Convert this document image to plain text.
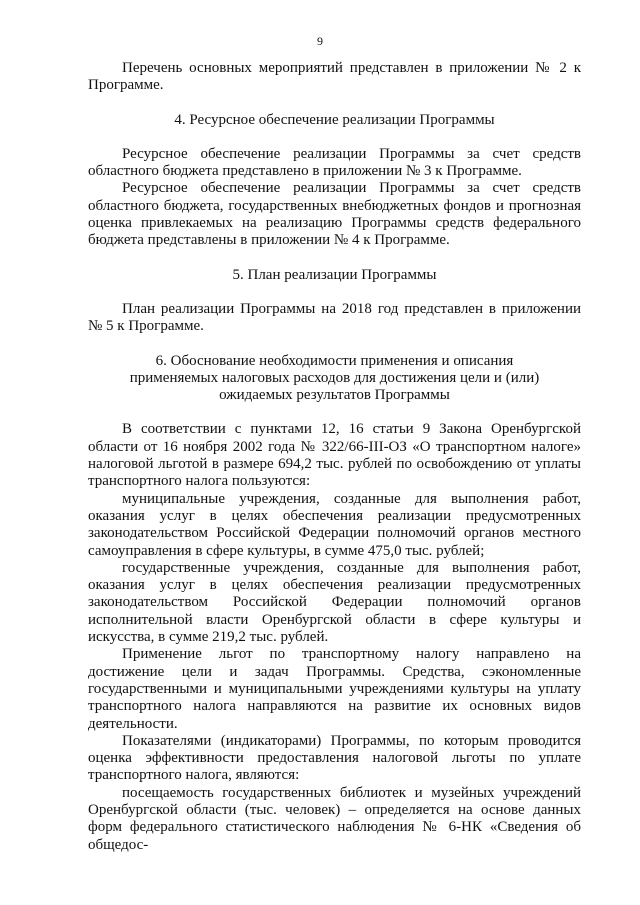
9

Перечень основных мероприятий представлен в приложении № 2 к Программе.

4. Ресурсное обеспечение реализации Программы

Ресурсное обеспечение реализации Программы за счет средств областного бюджета представлено в приложении № 3 к Программе.

Ресурсное обеспечение реализации Программы за счет средств областного бюджета, государственных внебюджетных фондов и прогнозная оценка привлекаемых на реализацию Программы средств федерального бюджета представлены в приложении № 4 к Программе.

5. План реализации Программы

План реализации Программы на 2018 год представлен в приложении № 5 к Программе.

6. Обоснование необходимости применения и описания

применяемых налоговых расходов для достижения цели и (или)

ожидаемых результатов Программы

В соответствии с пунктами 12, 16 статьи 9 Закона Оренбургской области от 16 ноября 2002 года № 322/66-III-ОЗ «О транспортном налоге» налоговой льготой в размере 694,2 тыс. рублей по освобождению от уплаты транспортного налога пользуются:

муниципальные учреждения, созданные для выполнения работ, оказания услуг в целях обеспечения реализации предусмотренных законодательством Российской Федерации полномочий органов местного самоуправления в сфере культуры, в сумме 475,0 тыс. рублей;

государственные учреждения, созданные для выполнения работ, оказания услуг в целях обеспечения реализации предусмотренных законодательством Российской Федерации полномочий органов исполнительной власти Оренбургской области в сфере культуры и искусства, в сумме 219,2 тыс. рублей.

Применение льгот по транспортному налогу направлено на достижение цели и задач Программы. Средства, сэкономленные государственными и муниципальными учреждениями культуры на уплату транспортного налога направляются на развитие их основных видов деятельности.

Показателями (индикаторами) Программы, по которым проводится оценка эффективности предоставления налоговой льготы по уплате транспортного налога, являются:

посещаемость государственных библиотек и музейных учреждений Оренбургской области (тыс. человек) – определяется на основе данных форм федерального статистического наблюдения № 6-НК «Сведения об общедос-
